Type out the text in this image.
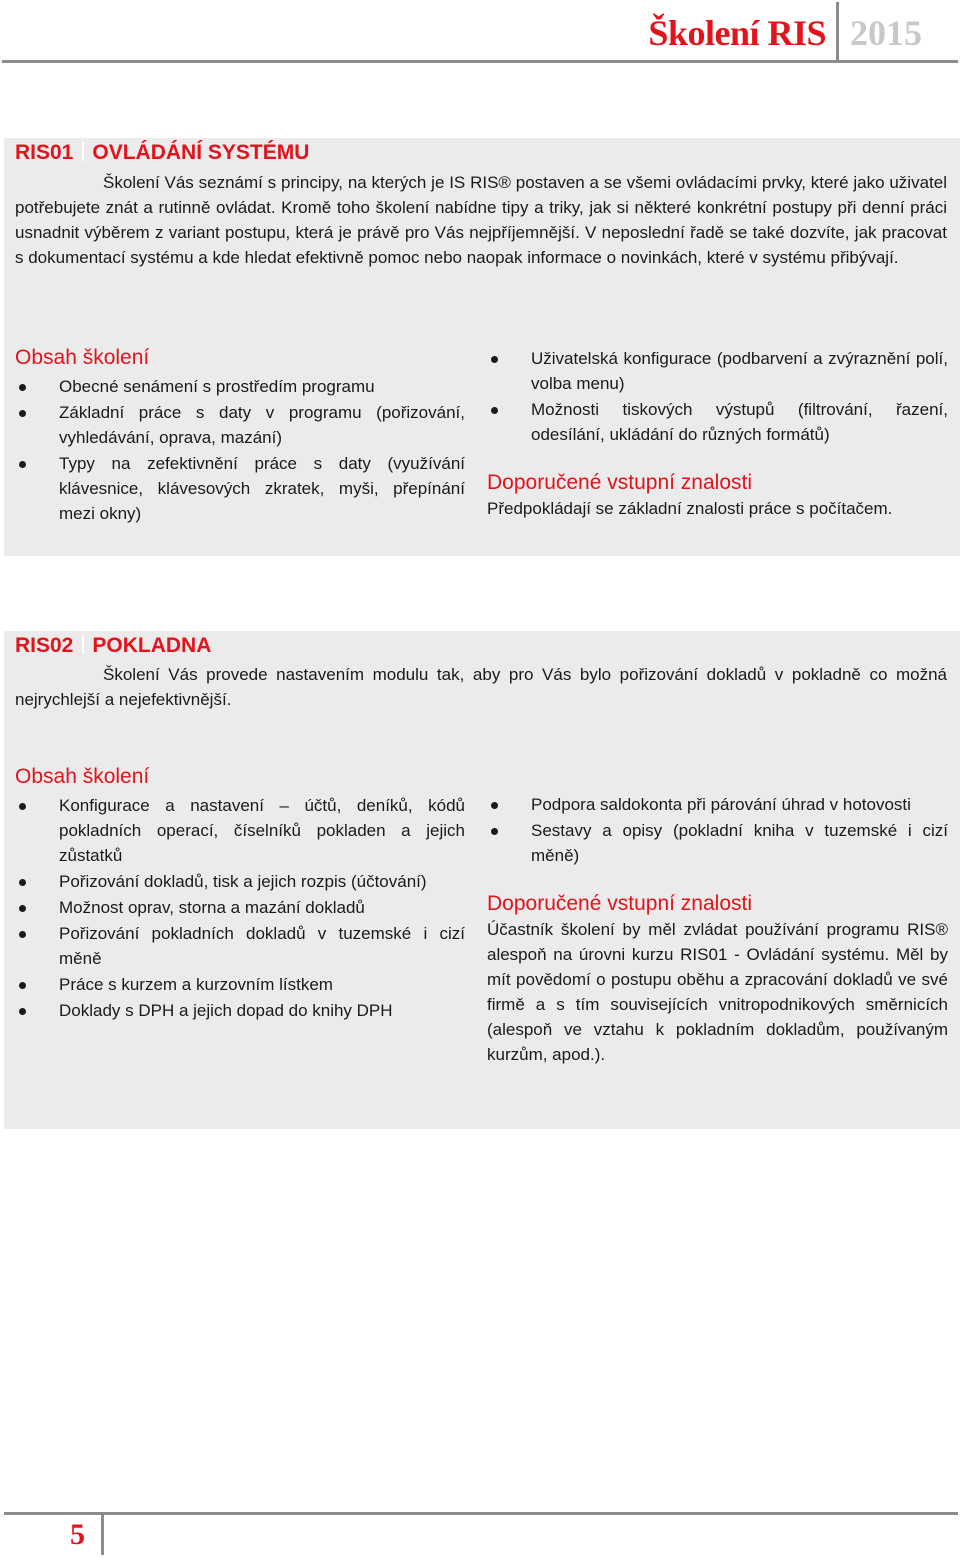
Školení RIS 2015
RIS01 OVLÁDÁNÍ SYSTÉMU

Školení Vás seznámí s principy, na kterých je IS RIS® postaven a se všemi ovládacími prvky, které jako uživatel potřebujete znát a rutinně ovládat. Kromě toho školení nabídne tipy a triky, jak si některé konkrétní postupy při denní práci usnadnit výběrem z variant postupu, která je právě pro Vás nejpříjemnější. V neposlední řadě se také dozvíte, jak pracovat s dokumentací systému a kde hledat efektivně pomoc nebo naopak informace o novinkách, které v systému přibývají.

Obsah školení
Obecné senámení s prostředím programu
Základní práce s daty v programu (pořizování, vyhledávání, oprava, mazání)
Typy na zefektivnění práce s daty (využívání klávesnice, klávesových zkratek, myši, přepínání mezi okny)
Uživatelská konfigurace (podbarvení a zvýraznění polí, volba menu)
Možnosti tiskových výstupů (filtrování, řazení, odesílání, ukládání do různých formátů)
Doporučené vstupní znalosti

Předpokládají se základní znalosti práce s počítačem.

RIS02 POKLADNA

Školení Vás provede nastavením modulu tak, aby pro Vás bylo pořizování dokladů v pokladně co možná nejrychlejší a nejefektivnější.

Obsah školení
Konfigurace a nastavení – účtů, deníků, kódů pokladních operací, číselníků pokladen a jejich zůstatků
Pořizování dokladů, tisk a jejich rozpis (účtování)
Možnost oprav, storna a mazání dokladů
Pořizování pokladních dokladů v tuzemské i cizí měně
Práce s kurzem a kurzovním lístkem
Doklady s DPH a jejich dopad do knihy DPH
Podpora saldokonta při párování úhrad v hotovosti
Sestavy a opisy (pokladní kniha v tuzemské i cizí měně)
Doporučené vstupní znalosti

Účastník školení by měl zvládat používání programu RIS® alespoň na úrovni kurzu RIS01 - Ovládání systému. Měl by mít povědomí o postupu oběhu a zpracování dokladů ve své firmě a s tím souvisejících vnitropodnikových směrnicích (alespoň ve vztahu k pokladním dokladům, používaným kurzům, apod.).

5
